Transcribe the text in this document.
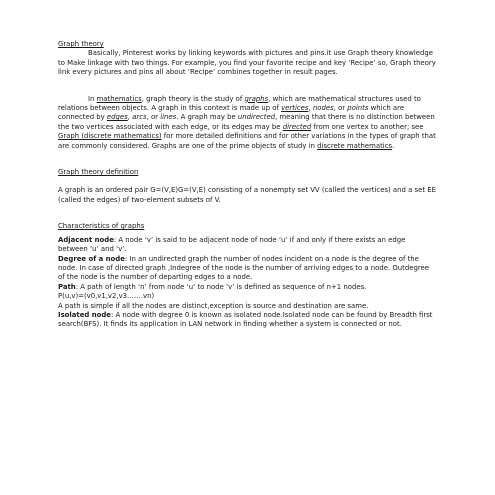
Graph theory

Basically, Pinterest works by linking keywords with pictures and pins.it use Graph theory knowledge to Make linkage with two things. For example, you find your favorite recipe and key ‘Recipe’ so, Graph theory link every pictures and pins all about ‘Recipe’ combines together in result pages.

In mathematics, graph theory is the study of graphs, which are mathematical structures used to relations between objects. A graph in this context is made up of vertices, nodes, or points which are connected by edges, arcs, or lines. A graph may be undirected, meaning that there is no distinction between the two vertices associated with each edge, or its edges may be directed from one vertex to another; see Graph (discrete mathematics) for more detailed definitions and for other variations in the types of graph that are commonly considered. Graphs are one of the prime objects of study in discrete mathematics.

Graph theory definition

A graph is an ordered pair G=(V,E)G=(V,E) consisting of a nonempty set VV (called the vertices) and a set EE (called the edges) of two-element subsets of V.

Characteristics of graphs

Adjacent node: A node ‘v’ is said to be adjacent node of node ‘u’ if and only if there exists an edge between ‘u’ and ‘v’.

Degree of a node: In an undirected graph the number of nodes incident on a node is the degree of the node. In case of directed graph ,Indegree of the node is the number of arriving edges to a node. Outdegree of the node is the number of departing edges to a node.

Path: A path of length ‘n’ from node ‘u’ to node ‘v’ is defined as sequence of n+1 nodes.

P(u,v)=(v0,v1,v2,v3…….vn)

A path is simple if all the nodes are distinct,exception is source and destination are same.

Isolated node: A node with degree 0 is known as isolated node.Isolated node can be found by Breadth first search(BFS). It finds its application in LAN network in finding whether a system is connected or not.
